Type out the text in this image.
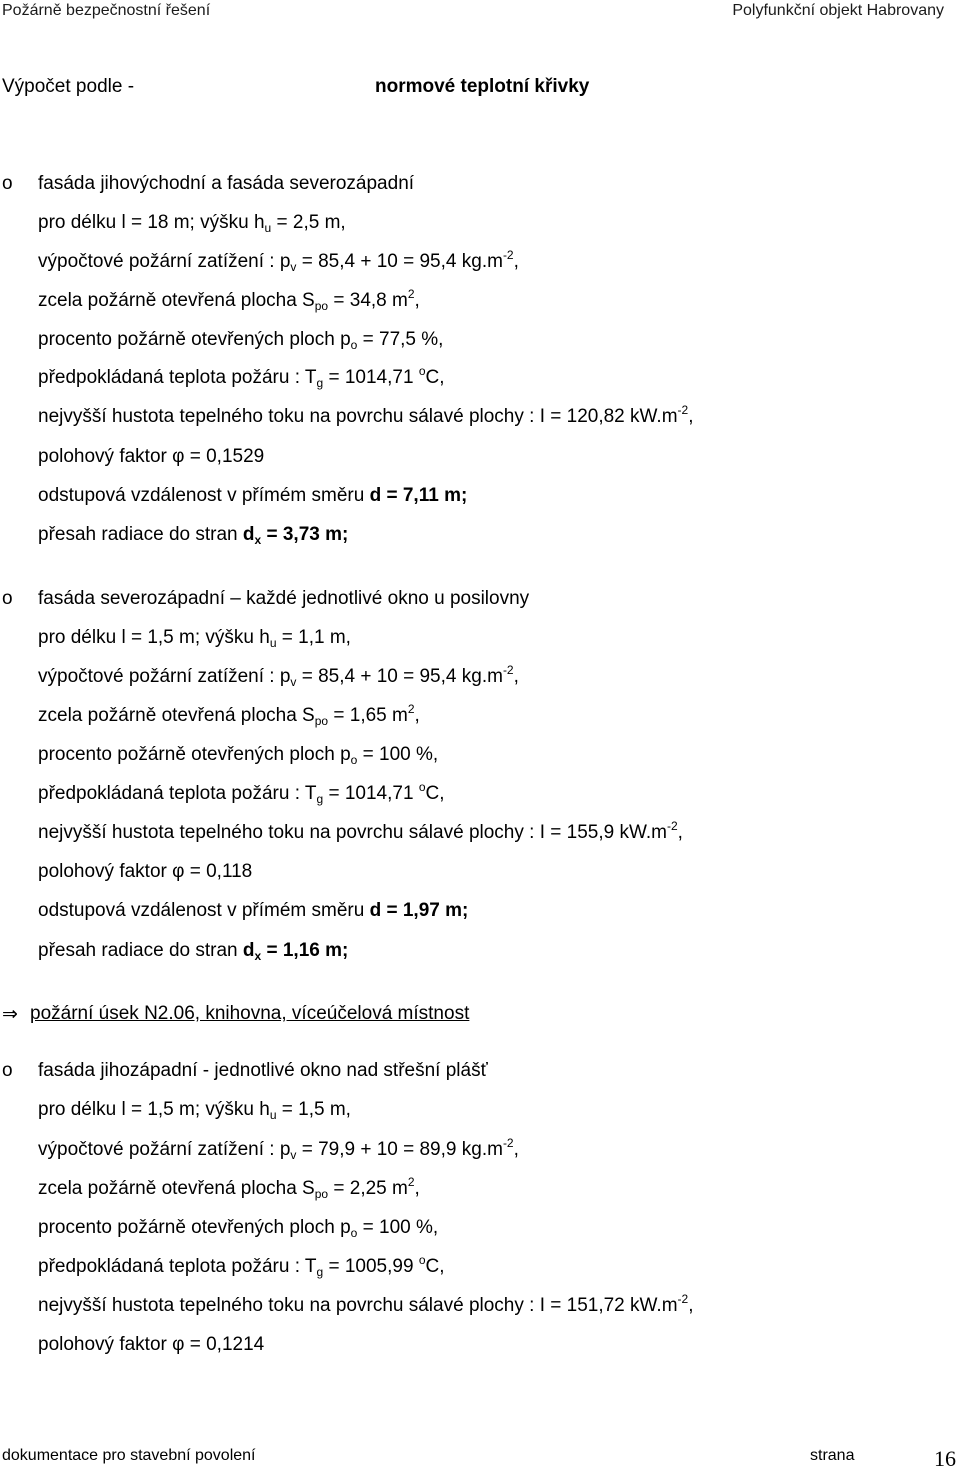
Požárně bezpečnostní řešení	Polyfunkční objekt Habrovany
Výpočet podle -	normové teplotní křivky
o fasáda jihovýchodní a fasáda severozápadní
pro délku l = 18 m; výšku $h_u = 2,5$ m,
výpočtové požární zatížení : $p_v = 85,4 + 10 = 95,4$ $kg.m^{-2}$,
zcela požárně otevřená plocha $S_{po} = 34,8$ $m^2$,
procento požárně otevřených ploch $p_o = 77,5$ %,
předpokládaná teplota požáru : $T_g = 1014,71$ $^o$C,
nejvyšší hustota tepelného toku na povrchu sálavé plochy : I = 120,82 $kW.m^{-2}$,
polohový faktor φ = 0,1529
odstupová vzdálenost v přímém směru d = 7,11 m;
přesah radiace do stran $d_x = 3,73$ m;
o fasáda severozápadní – každé jednotlivé okno u posilovny
pro délku l = 1,5 m; výšku $h_u = 1,1$ m,
výpočtové požární zatížení : $p_v = 85,4 + 10 = 95,4$ $kg.m^{-2}$,
zcela požárně otevřená plocha $S_{po} = 1,65$ $m^2$,
procento požárně otevřených ploch $p_o = 100$ %,
předpokládaná teplota požáru : $T_g = 1014,71$ $^o$C,
nejvyšší hustota tepelného toku na povrchu sálavé plochy : I = 155,9 $kW.m^{-2}$,
polohový faktor φ = 0,118
odstupová vzdálenost v přímém směru d = 1,97 m;
přesah radiace do stran $d_x = 1,16$ m;
⇒ požární úsek N2.06, knihovna, víceúčelová místnost
o fasáda jihozápadní - jednotlivé okno nad střešní plášť
pro délku l = 1,5 m; výšku $h_u = 1,5$ m,
výpočtové požární zatížení : $p_v = 79,9 + 10 = 89,9$ $kg.m^{-2}$,
zcela požárně otevřená plocha $S_{po} = 2,25$ $m^2$,
procento požárně otevřených ploch $p_o = 100$ %,
předpokládaná teplota požáru : $T_g = 1005,99$ $^o$C,
nejvyšší hustota tepelného toku na povrchu sálavé plochy : I = 151,72 $kW.m^{-2}$,
polohový faktor φ = 0,1214
dokumentace pro stavební povolení	strana	16
